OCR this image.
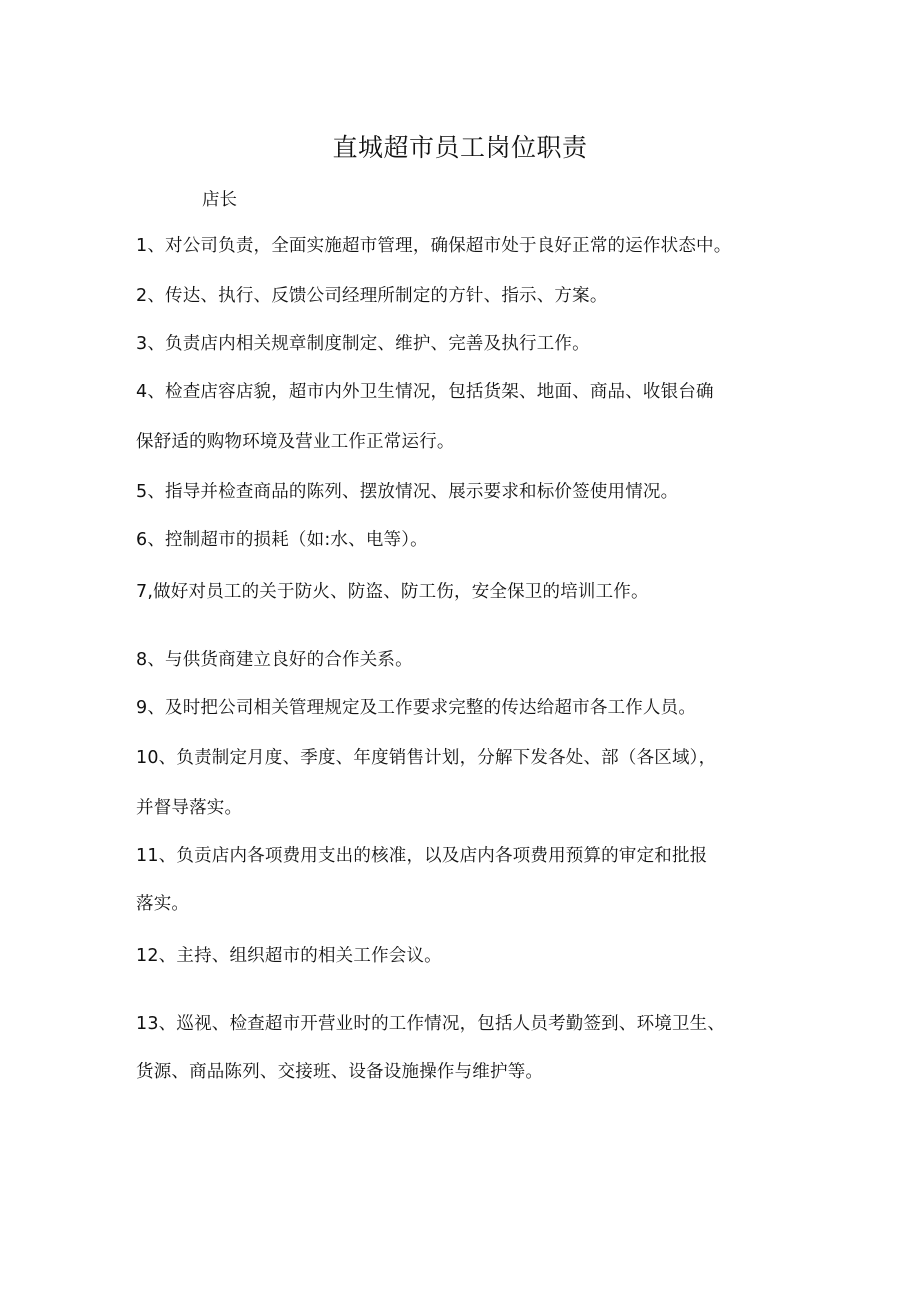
直城超市员工岗位职责
店长
1、对公司负责，全面实施超市管理，确保超市处于良好正常的运作状态中。
2、传达、执行、反馈公司经理所制定的方针、指示、方案。
3、负责店内相关规章制度制定、维护、完善及执行工作。
4、检查店容店貌，超市内外卫生情况，包括货架、地面、商品、收银台确
保舒适的购物环境及营业工作正常运行。
5、指导并检查商品的陈列、摆放情况、展示要求和标价签使用情况。
6、控制超市的损耗（如:水、电等）。
7,做好对员工的关于防火、防盗、防工伤，安全保卫的培训工作。
8、与供货商建立良好的合作关系。
9、及时把公司相关管理规定及工作要求完整的传达给超市各工作人员。
10、负责制定月度、季度、年度销售计划，分解下发各处、部（各区域），
并督导落实。
11、负贡店内各项费用支出的核准，以及店内各项费用预算的审定和批报
落实。
12、主持、组织超市的相关工作会议。
13、巡视、检查超市开营业时的工作情况，包括人员考勤签到、环境卫生、
货源、商品陈列、交接班、设备设施操作与维护等。
